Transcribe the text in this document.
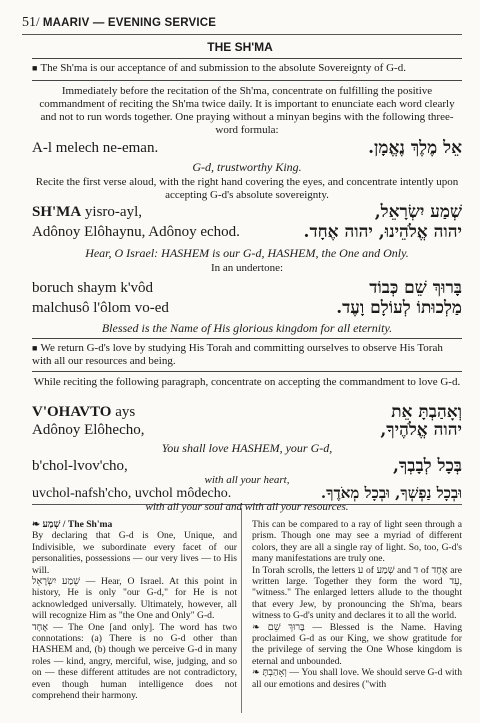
51/ MAARIV — EVENING SERVICE
THE SH'MA
■ The Sh'ma is our acceptance of and submission to the absolute Sovereignty of G-d.
Immediately before the recitation of the Sh'ma, concentrate on fulfilling the positive commandment of reciting the Sh'ma twice daily. It is important to enunciate each word clearly and not to run words together. One praying without a minyan begins with the following three-word formula:
A-l melech ne-eman.	אֵל מֶלֶךְ נֶאֱמָן.
G-d, trustworthy King.
Recite the first verse aloud, with the right hand covering the eyes, and concentrate intently upon accepting G-d's absolute sovereignty.
SH'MA yisro-ayl,	שְׁמַע יִשְׂרָאֵל,
Adônoy Elôhaynu, Adônoy echod.	יהוה אֱלֹהֵינוּ, יהוה אֶחָד.
Hear, O Israel: HASHEM is our G-d, HASHEM, the One and Only.
In an undertone:
boruch shaym k'vôd	בָּרוּךְ שֵׁם כְּבוֹד
malchusô l'ôlom vo-ed	מַלְכוּתוֹ לְעוֹלָם וָעֶד.
Blessed is the Name of His glorious kingdom for all eternity.
■ We return G-d's love by studying His Torah and committing ourselves to observe His Torah with all our resources and being.
While reciting the following paragraph, concentrate on accepting the commandment to love G-d.
V'OHAVTO ays	וְאָהַבְתָּ אֵת
Adônoy Elôhecho,	יהוה אֱלֹהֶיךָ,
You shall love HASHEM, your G-d,
b'chol-lvov'cho,	בְּכָל לְבָבְךָ,
with all your heart,

❧ שְׁמַע / The Sh'ma

By declaring that G-d is One, Unique, and Indivisible, we subordinate every facet of our personalities, possessions — our very lives — to His will.

שְׁמַע יִשְׂרָאֵל — Hear, O Israel. At this point in history, He is only "our G-d," for He is not acknowledged universally. Ultimately, however, all will recognize Him as "the One and Only" G-d.

אֶחָד — The One [and only]. The word has two connotations: (a) There is no G-d other than HASHEM and, (b) though we perceive G-d in many roles — kind, angry, merciful, wise, judging, and so on — these different attitudes are not contradictory, even though human intelligence does not comprehend their harmony.

This can be compared to a ray of light seen through a prism. Though one may see a myriad of different colors, they are all a single ray of light. So, too, G-d's many manifestations are truly one.

In Torah scrolls, the letters ע of שְׁמַע and ד of אֶחָד are written large. Together they form the word עֵד, "witness." The enlarged letters allude to the thought that every Jew, by pronouncing the Sh'ma, bears witness to G-d's unity and declares it to all the world.

❧ בָּרוּךְ שֵׁם — Blessed is the Name. Having proclaimed G-d as our King, we show gratitude for the privilege of serving the One Whose kingdom is eternal and unbounded.

❧ וְאָהַבְתָּ — You shall love. We should serve G-d with all our emotions and desires ("with

uvchol-nafsh'cho, uvchol môdecho.	וּבְכָל נַפְשְׁךָ, וּבְכָל מְאֹדֶךָ.
with all your soul and with all your resources.
